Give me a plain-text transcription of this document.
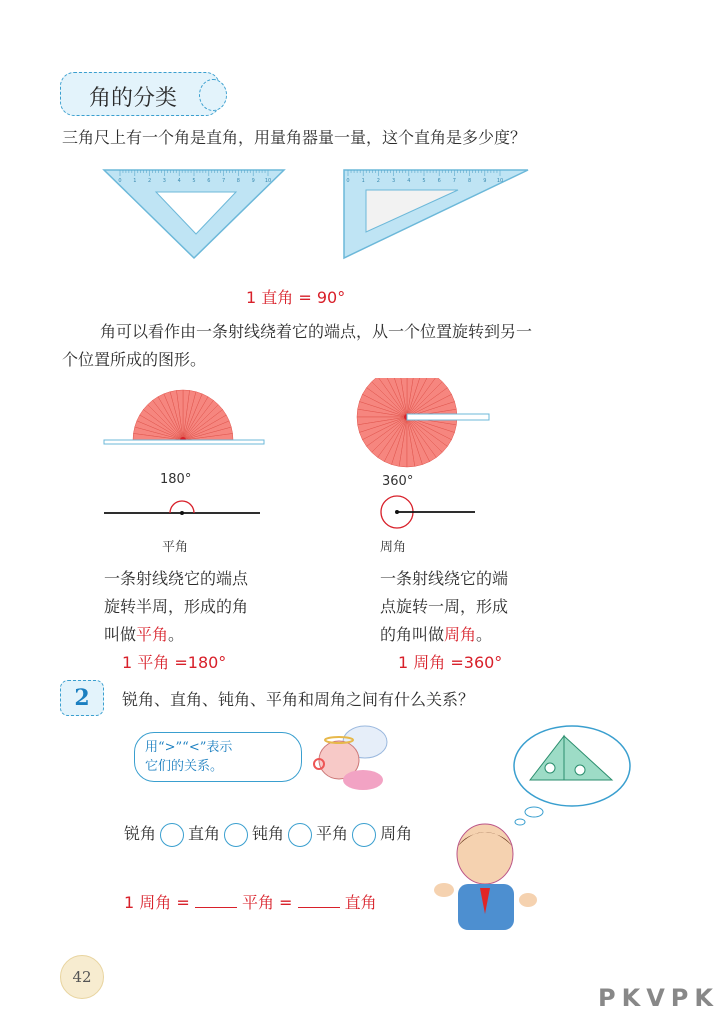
角的分类
三角尺上有一个角是直角，用量角器量一量，这个直角是多少度？
0 1 2 3 4 5 6 7 8 9 10	0 1 2 3 4 5 6 7 8 9 10
1 直角 = 90°
角可以看作由一条射线绕着它的端点，从一个位置旋转到另一
个位置所成的图形。
180°
平角
360°
周角
一条射线绕它的端点
旋转半周，形成的角
叫做平角。
1 平角 =180°
一条射线绕它的端
点旋转一周，形成
的角叫做周角。
1 周角 =360°
2	锐角、直角、钝角、平角和周角之间有什么关系？
用“>”“<”表示
它们的关系。
锐角 直角 钝角 平角 周角
1 周角 =	平角 =	直角
42
PKVPK
